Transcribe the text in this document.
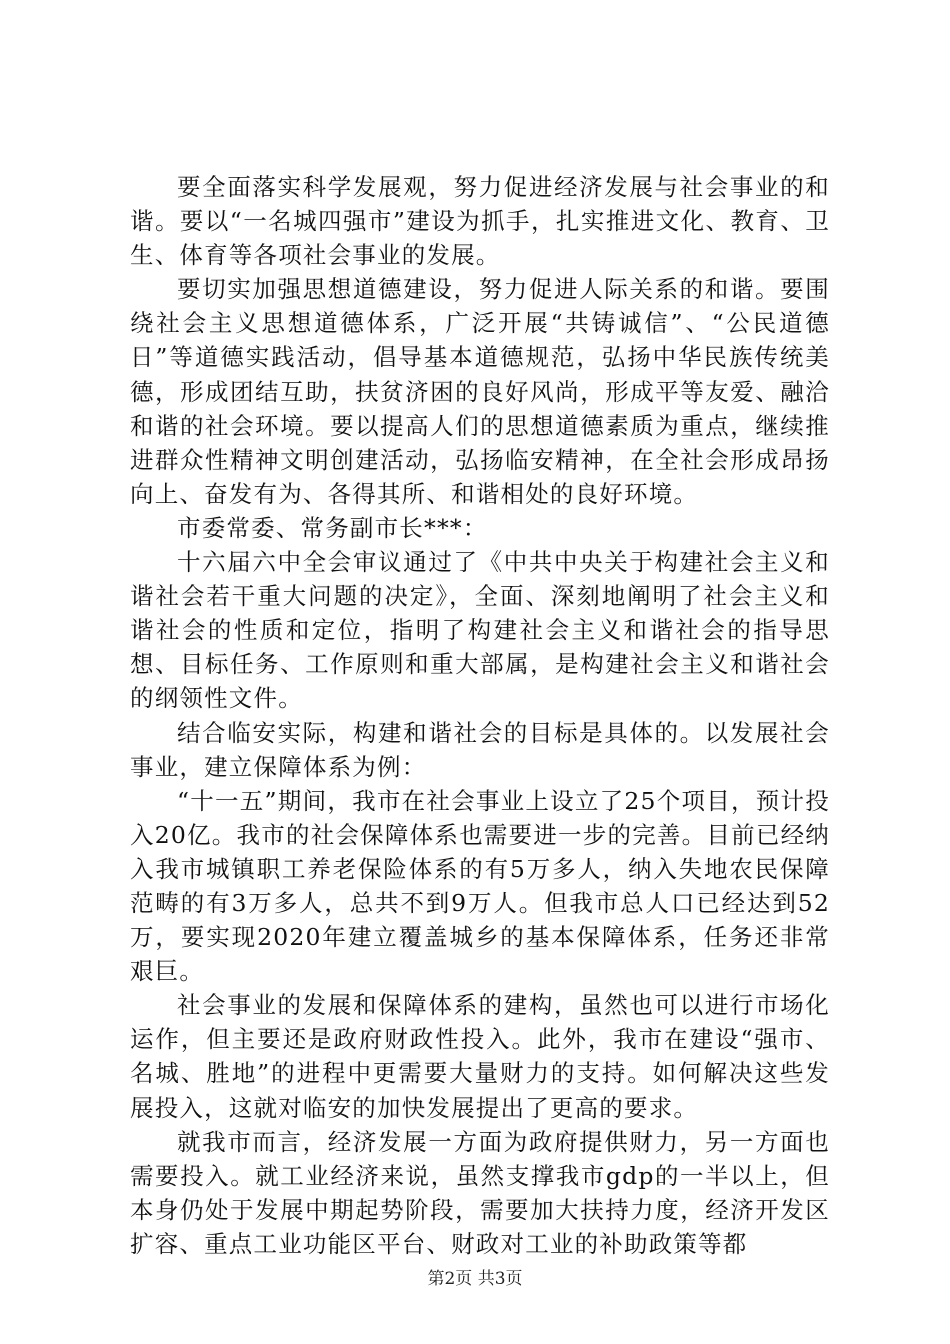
要全面落实科学发展观，努力促进经济发展与社会事业的和谐。要以“一名城四强市”建设为抓手，扎实推进文化、教育、卫生、体育等各项社会事业的发展。

要切实加强思想道德建设，努力促进人际关系的和谐。要围绕社会主义思想道德体系，广泛开展“共铸诚信”、“公民道德日”等道德实践活动，倡导基本道德规范，弘扬中华民族传统美德，形成团结互助，扶贫济困的良好风尚，形成平等友爱、融洽和谐的社会环境。要以提高人们的思想道德素质为重点，继续推进群众性精神文明创建活动，弘扬临安精神，在全社会形成昂扬向上、奋发有为、各得其所、和谐相处的良好环境。

市委常委、常务副市长***：

十六届六中全会审议通过了《中共中央关于构建社会主义和谐社会若干重大问题的决定》，全面、深刻地阐明了社会主义和谐社会的性质和定位，指明了构建社会主义和谐社会的指导思想、目标任务、工作原则和重大部属，是构建社会主义和谐社会的纲领性文件。

结合临安实际，构建和谐社会的目标是具体的。以发展社会事业，建立保障体系为例：

“十一五”期间，我市在社会事业上设立了25个项目，预计投入20亿。我市的社会保障体系也需要进一步的完善。目前已经纳入我市城镇职工养老保险体系的有5万多人，纳入失地农民保障范畴的有3万多人，总共不到9万人。但我市总人口已经达到52万，要实现2020年建立覆盖城乡的基本保障体系，任务还非常艰巨。

社会事业的发展和保障体系的建构，虽然也可以进行市场化运作，但主要还是政府财政性投入。此外，我市在建设“强市、名城、胜地”的进程中更需要大量财力的支持。如何解决这些发展投入，这就对临安的加快发展提出了更高的要求。

就我市而言，经济发展一方面为政府提供财力，另一方面也需要投入。就工业经济来说，虽然支撑我市gdp的一半以上，但本身仍处于发展中期起势阶段，需要加大扶持力度，经济开发区扩容、重点工业功能区平台、财政对工业的补助政策等都

第2页 共3页
